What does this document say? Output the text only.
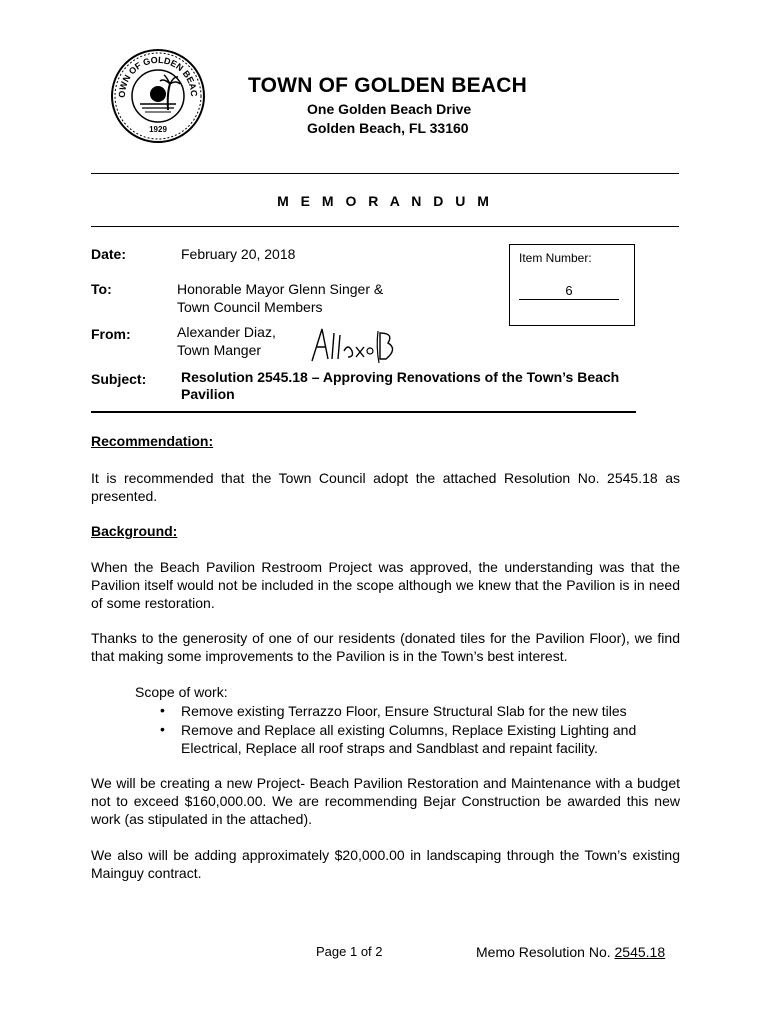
OWN OF GOLDEN BEAC
1929
TOWN OF GOLDEN BEACH
One Golden Beach Drive
Golden Beach, FL 33160
M E M O R A N D U M
Date:	February 20, 2018
To:	Honorable Mayor Glenn Singer &
Town Council Members
From:	Alexander Diaz,
Town Manger
Subject: Resolution 2545.18 – Approving Renovations of the Town’s Beach Pavilion
Item Number:
6
Recommendation:
It is recommended that the Town Council adopt the attached Resolution No. 2545.18 as presented.
Background:
When the Beach Pavilion Restroom Project was approved, the understanding was that the Pavilion itself would not be included in the scope although we knew that the Pavilion is in need of some restoration.
Thanks to the generosity of one of our residents (donated tiles for the Pavilion Floor), we find that making some improvements to the Pavilion is in the Town’s best interest.
Scope of work:
• Remove existing Terrazzo Floor, Ensure Structural Slab for the new tiles
• Remove and Replace all existing Columns, Replace Existing Lighting and Electrical, Replace all roof straps and Sandblast and repaint facility.
We will be creating a new Project- Beach Pavilion Restoration and Maintenance with a budget not to exceed $160,000.00. We are recommending Bejar Construction be awarded this new work (as stipulated in the attached).
We also will be adding approximately $20,000.00 in landscaping through the Town’s existing Mainguy contract.
Page 1 of 2	Memo Resolution No. 2545.18
